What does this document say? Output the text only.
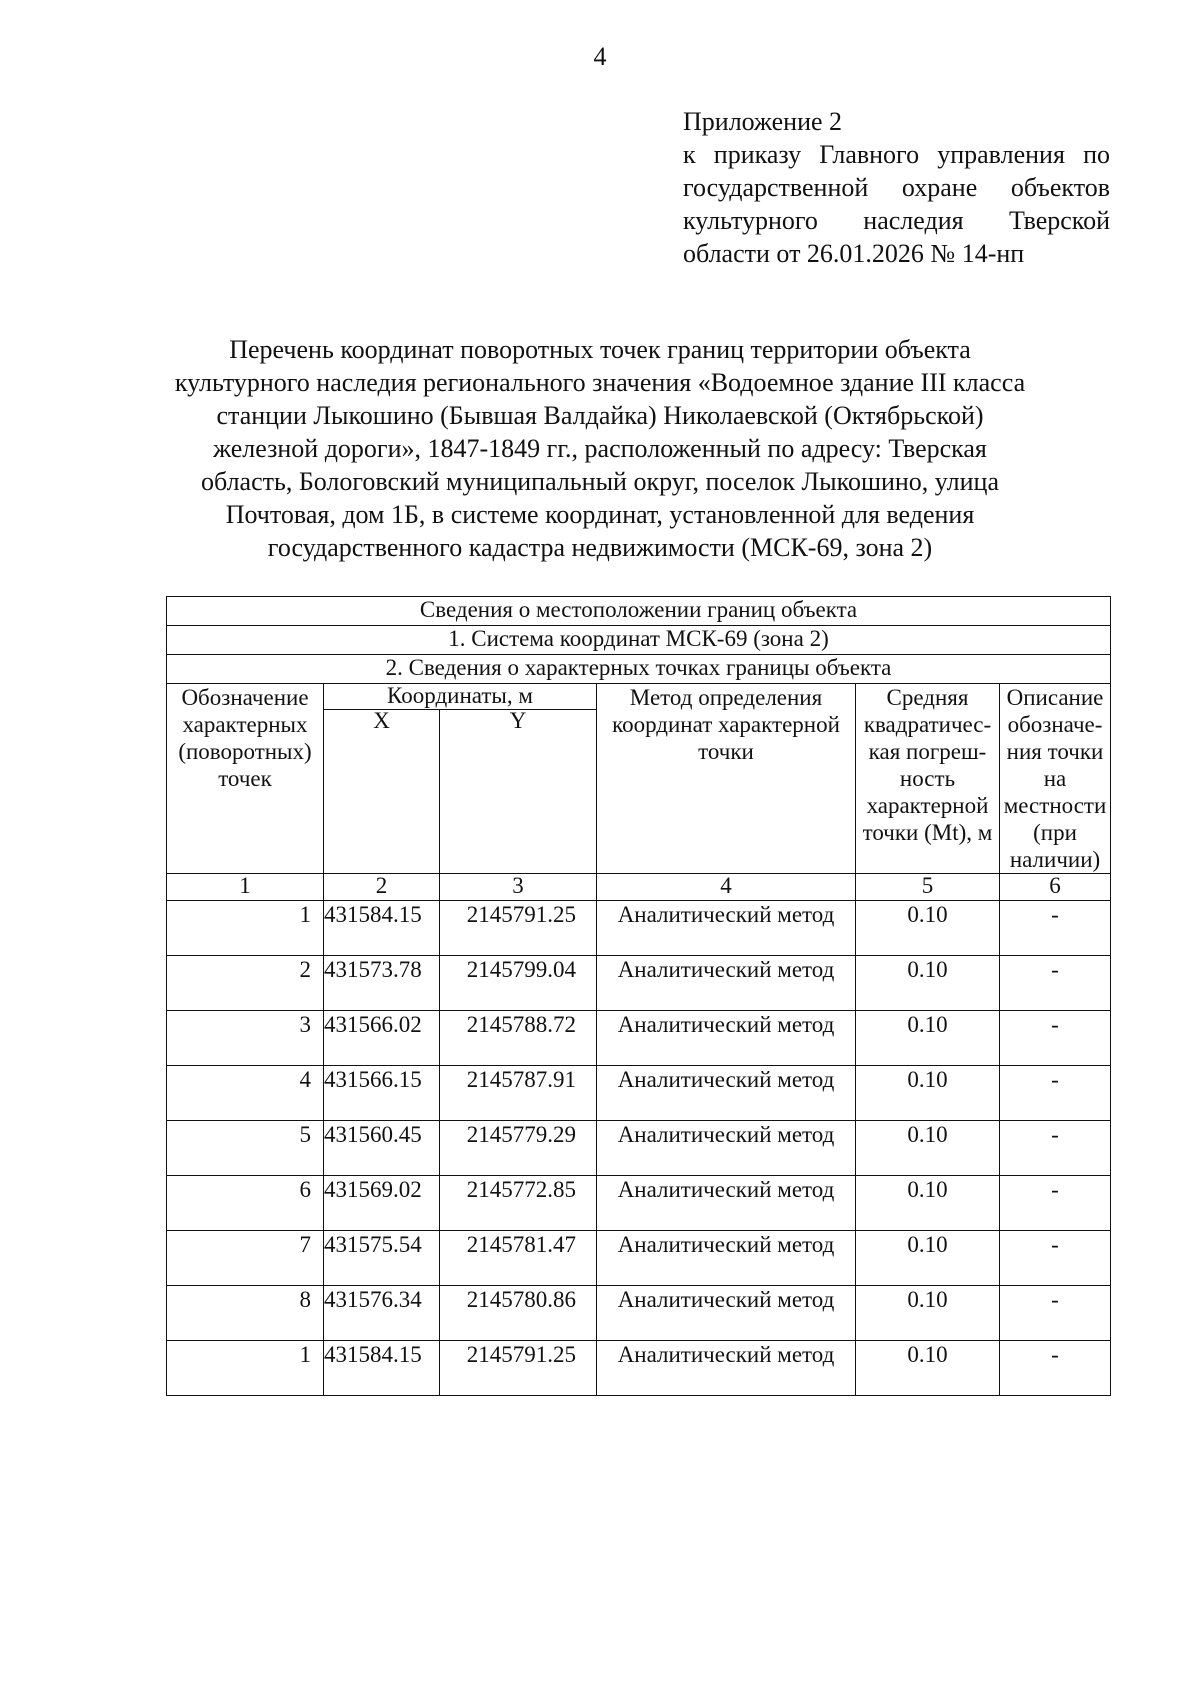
4
Приложение 2
к приказу Главного управления по
государственной охране объектов
культурного наследия Тверской
области от 26.01.2026 № 14-нп
Перечень координат поворотных точек границ территории объекта
культурного наследия регионального значения «Водоемное здание III класса
станции Лыкошино (Бывшая Валдайка) Николаевской (Октябрьской)
железной дороги», 1847-1849 гг., расположенный по адресу: Тверская
область, Бологовский муниципальный округ, поселок Лыкошино, улица
Почтовая, дом 1Б, в системе координат, установленной для ведения
государственного кадастра недвижимости (МСК-69, зона 2)
Сведения о местоположении границ объекта					
1. Система координат МСК-69 (зона 2)					
2. Сведения о характерных точках границы объекта					
Обозначение характерных (поворотных) точек	Координаты, м		Метод определения координат характерной точки	Средняя квадратичес-кая погреш-ность характерной точки (Mt), м	Описание обозначе-ния точки на местности (при наличии)
	X	Y			
1	2	3	4	5	6
1	431584.15	2145791.25	Аналитический метод	0.10	-
2	431573.78	2145799.04	Аналитический метод	0.10	-
3	431566.02	2145788.72	Аналитический метод	0.10	-
4	431566.15	2145787.91	Аналитический метод	0.10	-
5	431560.45	2145779.29	Аналитический метод	0.10	-
6	431569.02	2145772.85	Аналитический метод	0.10	-
7	431575.54	2145781.47	Аналитический метод	0.10	-
8	431576.34	2145780.86	Аналитический метод	0.10	-
1	431584.15	2145791.25	Аналитический метод	0.10	-
